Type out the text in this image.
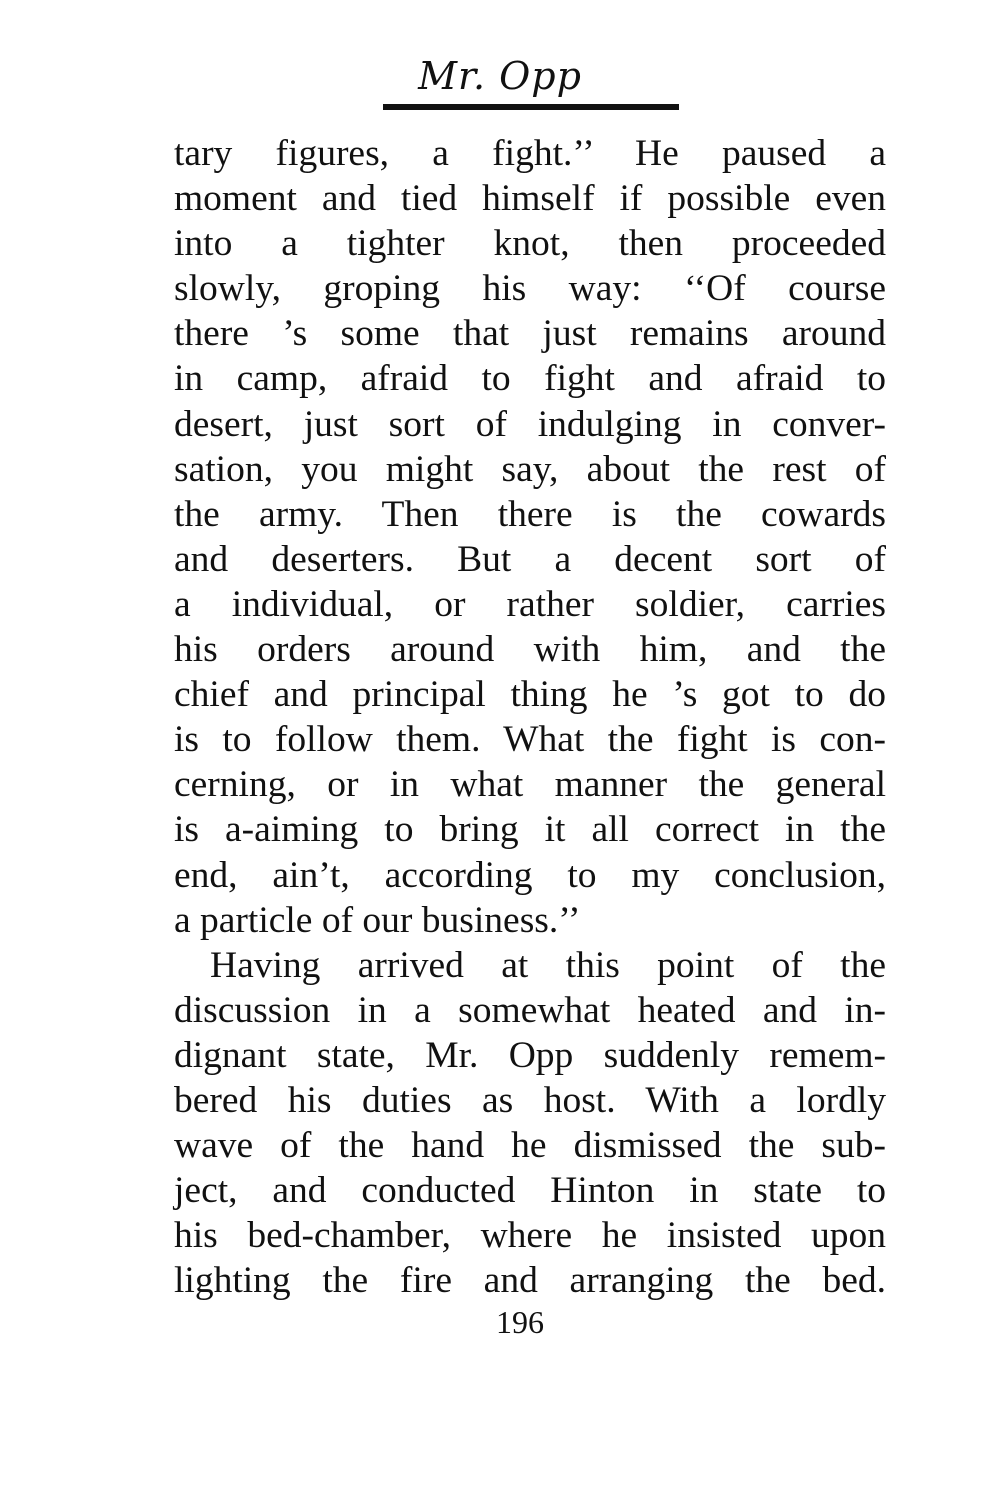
Mr. Opp
tary figures, a fight.’’ He paused a
moment and tied himself if possible even
into a tighter knot, then proceeded
slowly, groping his way: ‘‘Of course
there ’s some that just remains around
in camp, afraid to fight and afraid to
desert, just sort of indulging in conver-
sation, you might say, about the rest of
the army. Then there is the cowards
and deserters. But a decent sort of
a individual, or rather soldier, carries
his orders around with him, and the
chief and principal thing he ’s got to do
is to follow them. What the fight is con-
cerning, or in what manner the general
is a-aiming to bring it all correct in the
end, ain’t, according to my conclusion,
a particle of our business.’’
Having arrived at this point of the
discussion in a somewhat heated and in-
dignant state, Mr. Opp suddenly remem-
bered his duties as host. With a lordly
wave of the hand he dismissed the sub-
ject, and conducted Hinton in state to
his bed-chamber, where he insisted upon
lighting the fire and arranging the bed.
196
